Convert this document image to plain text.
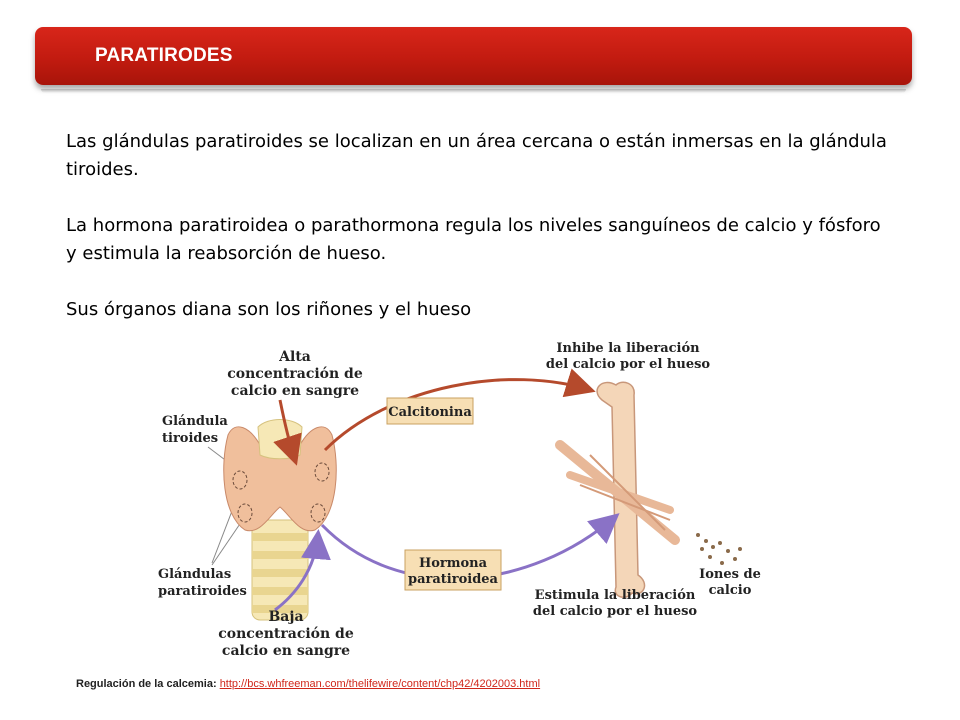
PARATIRODES

Las glándulas paratiroides se localizan en un área cercana o están inmersas en la glándula tiroides.

La hormona paratiroidea o parathormona regula los niveles sanguíneos de calcio y fósforo y estimula la reabsorción de hueso.

Sus órganos diana son los riñones y el hueso

Alta
concentración de
calcio en sangre
Glándula
tiroides
Glándulas
paratiroides
Calcitonina
Inhibe la liberación
del calcio por el hueso
Hormona
paratiroidea
Baja
concentración de
calcio en sangre
Estimula la liberación
del calcio por el hueso
Iones de
calcio
Regulación de la calcemia: http://bcs.whfreeman.com/thelifewire/content/chp42/4202003.html
